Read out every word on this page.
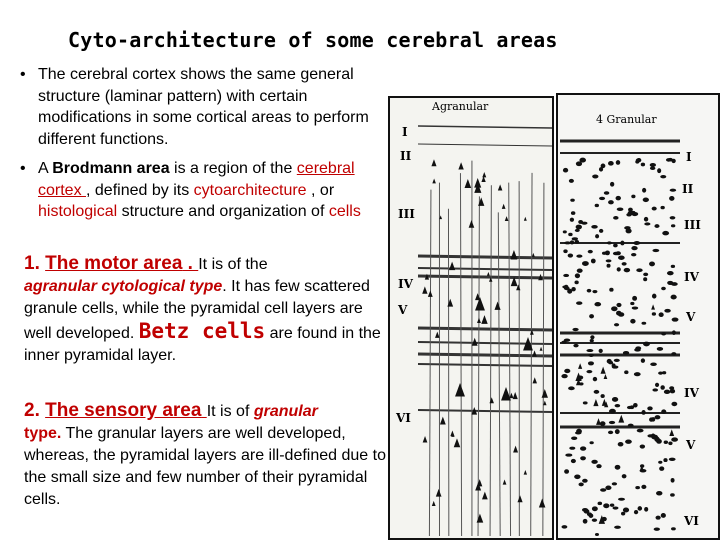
Cyto-architecture of some cerebral areas
• The cerebral cortex shows the same general structure (laminar pattern) with certain modifications in some cortical areas to perform different functions.
• A Brodmann area is a region of the cerebral cortex , defined by its cytoarchitecture , or histological structure and organization of cells
1. The motor area . It is of the
agranular cytological type. It has few scattered granule cells, while the pyramidal cell layers are well developed. Betz cells are found in the inner pyramidal layer.
2. The sensory area It is of granular
type. The granular layers are well developed, whereas, the pyramidal layers are ill-defined due to the small size and few number of their pyramidal cells.
Agranular
I
II
III
IV
V
VI
4 Granular
I
II
III
IV
V
IV
V
VI
